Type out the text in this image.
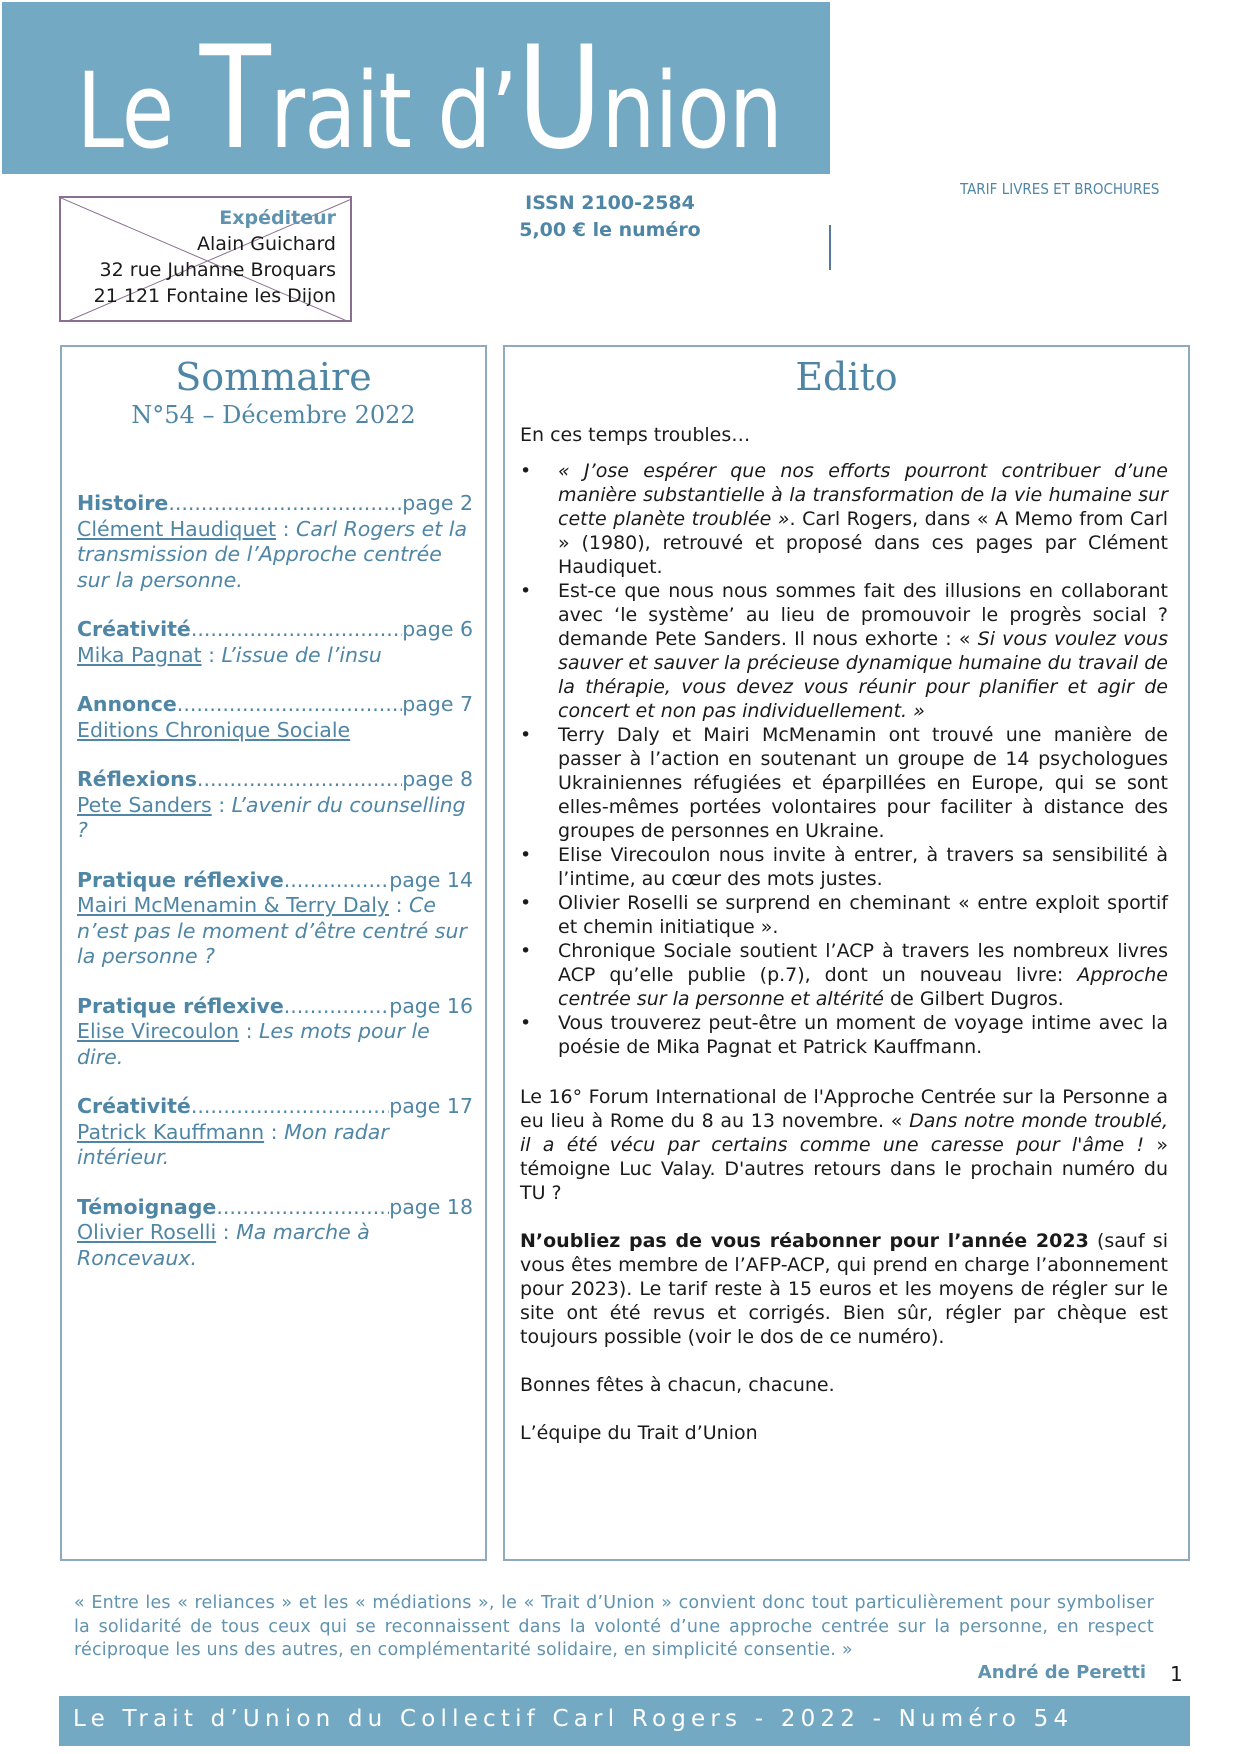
Le Trait d’Union
Expéditeur
Alain Guichard
32 rue Juhanne Broquars
21 121 Fontaine les Dijon
ISSN 2100-2584
5,00 € le numéro
TARIF LIVRES ET BROCHURES
Sommaire
N°54 – Décembre 2022
Histoire .....	page 2
Clément Haudiquet : Carl Rogers et la transmission de l’Approche centrée sur la personne.
Créativité .....	page 6
Mika Pagnat : L’issue de l’insu
Annonce .....	page 7
Editions Chronique Sociale
Réflexions .....	page 8
Pete Sanders : L’avenir du counselling ?
Pratique réflexive .....	page 14
Mairi McMenamin & Terry Daly : Ce n’est pas le moment d’être centré sur la personne ?
Pratique réflexive .....	page 16
Elise Virecoulon : Les mots pour le dire.
Créativité .....	page 17
Patrick Kauffmann : Mon radar intérieur.
Témoignage .....	page 18
Olivier Roselli : Ma marche à Roncevaux.
Edito

En ces temps troubles…

• « J’ose espérer que nos efforts pourront contribuer d’une manière substantielle à la transformation de la vie humaine sur cette planète troublée ». Carl Rogers, dans « A Memo from Carl » (1980), retrouvé et proposé dans ces pages par Clément Haudiquet.
• Est-ce que nous nous sommes fait des illusions en collaborant avec ‘le système’ au lieu de promouvoir le progrès social ? demande Pete Sanders. Il nous exhorte : « Si vous voulez vous sauver et sauver la précieuse dynamique humaine du travail de la thérapie, vous devez vous réunir pour planifier et agir de concert et non pas individuellement. »
• Terry Daly et Mairi McMenamin ont trouvé une manière de passer à l’action en soutenant un groupe de 14 psychologues Ukrainiennes réfugiées et éparpillées en Europe, qui se sont elles-mêmes portées volontaires pour faciliter à distance des groupes de personnes en Ukraine.
• Elise Virecoulon nous invite à entrer, à travers sa sensibilité à l’intime, au cœur des mots justes.
• Olivier Roselli se surprend en cheminant « entre exploit sportif et chemin initiatique ».
• Chronique Sociale soutient l’ACP à travers les nombreux livres ACP qu’elle publie (p.7), dont un nouveau livre: Approche centrée sur la personne et altérité de Gilbert Dugros.
• Vous trouverez peut-être un moment de voyage intime avec la poésie de Mika Pagnat et Patrick Kauffmann.

Le 16° Forum International de l'Approche Centrée sur la Personne a eu lieu à Rome du 8 au 13 novembre. « Dans notre monde troublé, il a été vécu par certains comme une caresse pour l'âme ! » témoigne Luc Valay. D'autres retours dans le prochain numéro du TU ?

N’oubliez pas de vous réabonner pour l’année 2023 (sauf si vous êtes membre de l’AFP-ACP, qui prend en charge l’abonnement pour 2023). Le tarif reste à 15 euros et les moyens de régler sur le site ont été revus et corrigés. Bien sûr, régler par chèque est toujours possible (voir le dos de ce numéro).

Bonnes fêtes à chacun, chacune.

L’équipe du Trait d’Union

« Entre les « reliances » et les « médiations », le « Trait d’Union » convient donc tout particulièrement pour symboliser la solidarité de tous ceux qui se reconnaissent dans la volonté d’une approche centrée sur la personne, en respect réciproque les uns des autres, en complémentarité solidaire, en simplicité consentie. »
André de Peretti 1
Le Trait d’Union du Collectif Carl Rogers - 2022 - Numéro 54
